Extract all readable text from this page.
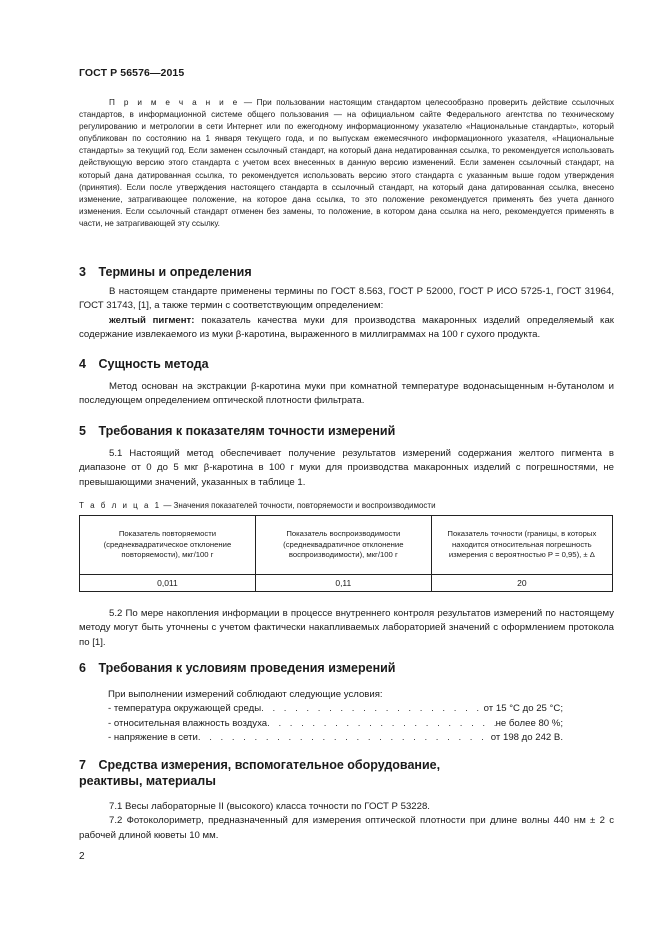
ГОСТ Р 56576—2015

П р и м е ч а н и е — При пользовании настоящим стандартом целесообразно проверить действие ссылочных стандартов, в информационной системе общего пользования — на официальном сайте Федерального агентства по техническому регулированию и метрологии в сети Интернет или по ежегодному информационному указателю «Национальные стандарты», который опубликован по состоянию на 1 января текущего года, и по выпускам ежемесячного информационного указателя, «Национальные стандарты» за текущий год. Если заменен ссылочный стандарт, на который дана недатированная ссылка, то рекомендуется использовать действующую версию этого стандарта с учетом всех внесенных в данную версию изменений. Если заменен ссылочный стандарт, на который дана датированная ссылка, то рекомендуется использовать версию этого стандарта с указанным выше годом утверждения (принятия). Если после утверждения настоящего стандарта в ссылочный стандарт, на который дана датированная ссылка, внесено изменение, затрагивающее положение, на которое дана ссылка, то это положение рекомендуется применять без учета данного изменения. Если ссылочный стандарт отменен без замены, то положение, в котором дана ссылка на него, рекомендуется применять в части, не затрагивающей эту ссылку.

3 Термины и определения

В настоящем стандарте применены термины по ГОСТ 8.563, ГОСТ Р 52000, ГОСТ Р ИСО 5725-1, ГОСТ 31964, ГОСТ 31743, [1], а также термин с соответствующим определением:

желтый пигмент: показатель качества муки для производства макаронных изделий определяемый как содержание извлекаемого из муки β-каротина, выраженного в миллиграммах на 100 г сухого продукта.

4 Сущность метода

Метод основан на экстракции β-каротина муки при комнатной температуре водонасыщенным н-бутанолом и последующем определением оптической плотности фильтрата.

5 Требования к показателям точности измерений

5.1 Настоящий метод обеспечивает получение результатов измерений содержания желтого пигмента в диапазоне от 0 до 5 мкг β-каротина в 100 г муки для производства макаронных изделий с погрешностями, не превышающими значений, указанных в таблице 1.

Т а б л и ц а 1 — Значения показателей точности, повторяемости и воспроизводимости
Показатель повторяемости (среднеквадратическое отклонение повторяемости), мкг/100 г	Показатель воспроизводимости (среднеквадратичное отклонение воспроизводимости), мкг/100 г	Показатель точности (границы, в которых находится относительная погрешность измерения с вероятностью P = 0,95), ± Δ
0,011	0,11	20

5.2 По мере накопления информации в процессе внутреннего контроля результатов измерений по настоящему методу могут быть уточнены с учетом фактически накапливаемых лабораторией значений с оформлением протокола по [1].

6 Требования к условиям проведения измерений
При выполнении измерений соблюдают следующие условия:
- температура окружающей среды . . .	от 15 °С до 25 °С;
- относительная влажность воздуха . . .	не более 80 %;
- напряжение в сети . . .	от 198 до 242 В.
7 Средства измерения, вспомогательное оборудование,
реактивы, материалы

7.1 Весы лабораторные II (высокого) класса точности по ГОСТ Р 53228.

7.2 Фотоколориметр, предназначенный для измерения оптической плотности при длине волны 440 нм ± 2 с рабочей длиной кюветы 10 мм.

2
